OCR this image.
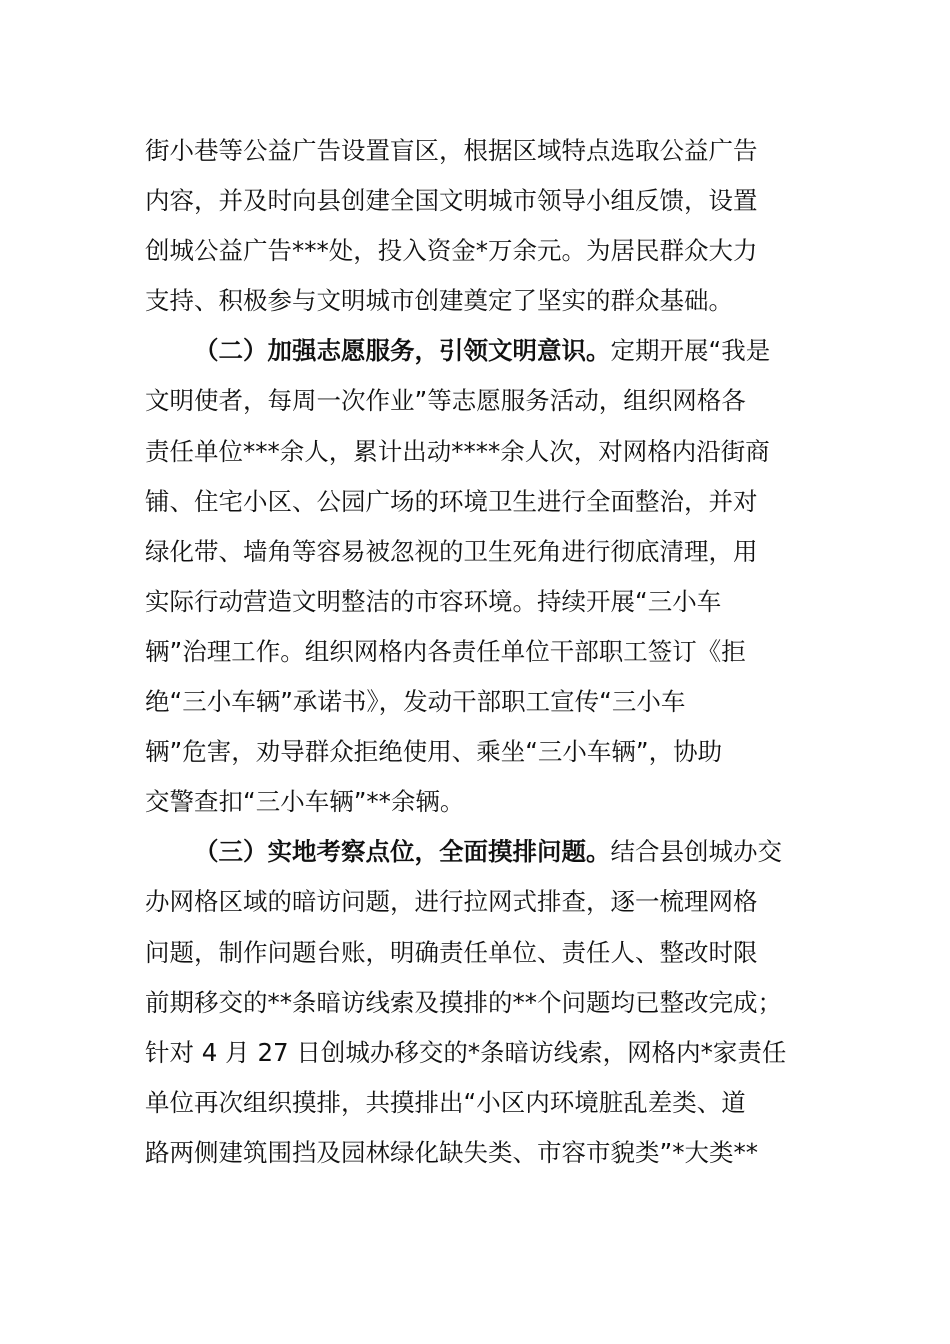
街小巷等公益广告设置盲区，根据区域特点选取公益广告
内容，并及时向县创建全国文明城市领导小组反馈，设置
创城公益广告***处，投入资金*万余元。为居民群众大力
支持、积极参与文明城市创建奠定了坚实的群众基础。
（二）加强志愿服务，引领文明意识。定期开展“我是
文明使者，每周一次作业”等志愿服务活动，组织网格各
责任单位***余人，累计出动****余人次，对网格内沿街商
铺、住宅小区、公园广场的环境卫生进行全面整治，并对
绿化带、墙角等容易被忽视的卫生死角进行彻底清理，用
实际行动营造文明整洁的市容环境。持续开展“三小车
辆”治理工作。组织网格内各责任单位干部职工签订《拒
绝“三小车辆”承诺书》，发动干部职工宣传“三小车
辆”危害，劝导群众拒绝使用、乘坐“三小车辆”，协助
交警查扣“三小车辆”**余辆。
（三）实地考察点位，全面摸排问题。结合县创城办交
办网格区域的暗访问题，进行拉网式排查，逐一梳理网格
问题，制作问题台账，明确责任单位、责任人、整改时限
前期移交的**条暗访线索及摸排的**个问题均已整改完成；
针对 4 月 27 日创城办移交的*条暗访线索，网格内*家责任
单位再次组织摸排，共摸排出“小区内环境脏乱差类、道
路两侧建筑围挡及园林绿化缺失类、市容市貌类”*大类**
